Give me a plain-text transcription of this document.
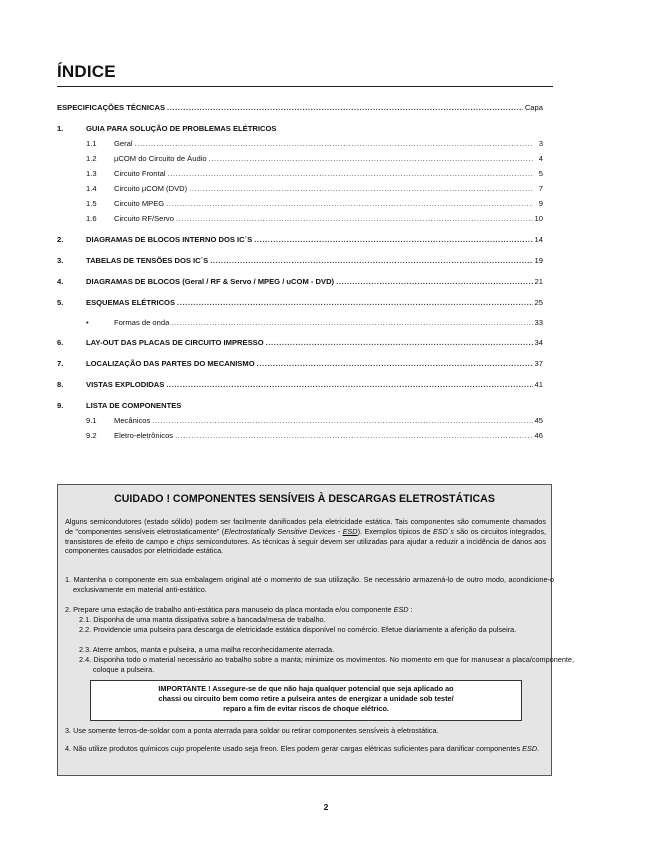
ÍNDICE
ESPECIFICAÇÕES TÉCNICAS .....	Capa
1.	GUIA PARA SOLUÇÃO DE PROBLEMAS ELÉTRICOS
1.1	Geral .....	3
1.2	µCOM do Circuito de Áudio .....	4
1.3	Circuito Frontal .....	5
1.4	Circuito µCOM (DVD) .....	7
1.5	Circuito MPEG .....	9
1.6	Circuito RF/Servo .....	10
2.	DIAGRAMAS DE BLOCOS INTERNO DOS IC´S .....	14
3.	TABELAS DE TENSÕES DOS IC´S .....	19
4.	DIAGRAMAS DE BLOCOS (Geral / RF & Servo / MPEG / uCOM - DVD) .....	21
5.	ESQUEMAS ELÉTRICOS .....	25
•	Formas de onda .....	33
6.	LAY-OUT DAS PLACAS DE CIRCUITO IMPRESSO .....	34
7.	LOCALIZAÇÃO DAS PARTES DO MECANISMO .....	37
8.	VISTAS EXPLODIDAS .....	41
9.	LISTA DE COMPONENTES
9.1	Mecânicos .....	45
9.2	Eletro-eletrônicos .....	46
CUIDADO ! COMPONENTES SENSÍVEIS À DESCARGAS ELETROSTÁTICAS
Alguns semicondutores (estado sólido) podem ser facilmente danificados pela eletricidade estática. Tais componentes são comumente chamados de "componentes sensíveis eletrostaticamente" (Electrostatically Sensitive Devices - ESD). Exemplos típicos de ESD´s são os circuitos integrados, transistores de efeito de campo e chips semicondutores. As técnicas à seguir devem ser utilizadas para ajudar a reduzir a incidência de danos aos componentes causados por eletricidade estática.
1. Mantenha o componente em sua embalagem original até o momento de sua utilização. Se necessário armazená-lo de outro modo, acondicione-o exclusivamente em material anti-estático.
2. Prepare uma estação de trabalho anti-estática para manuseio da placa montada e/ou componente ESD :
2.1. Disponha de uma manta dissipativa sobre a bancada/mesa de trabalho.
2.2. Providencie uma pulseira para descarga de eletricidade estática disponível no comércio. Efetue diariamente a aferição da pulseira.
2.3. Aterre ambos, manta e pulseira, a uma malha reconhecidamente aterrada.
2.4. Disponha todo o material necessário ao trabalho sobre a manta; minimize os movimentos. No momento em que for manusear a placa/componente, coloque a pulseira.
IMPORTANTE ! Assegure-se de que não haja qualquer potencial que seja aplicado ao
chassi ou circuito bem como retire a pulseira antes de energizar a unidade sob teste/
reparo a fim de evitar riscos de choque elétrico.
3. Use somente ferros-de-soldar com a ponta aterrada para soldar ou retirar componentes sensíveis à eletrostática.
4. Não utilize produtos químicos cujo propelente usado seja freon. Eles podem gerar cargas elétricas suficientes para danificar componentes ESD.
2
